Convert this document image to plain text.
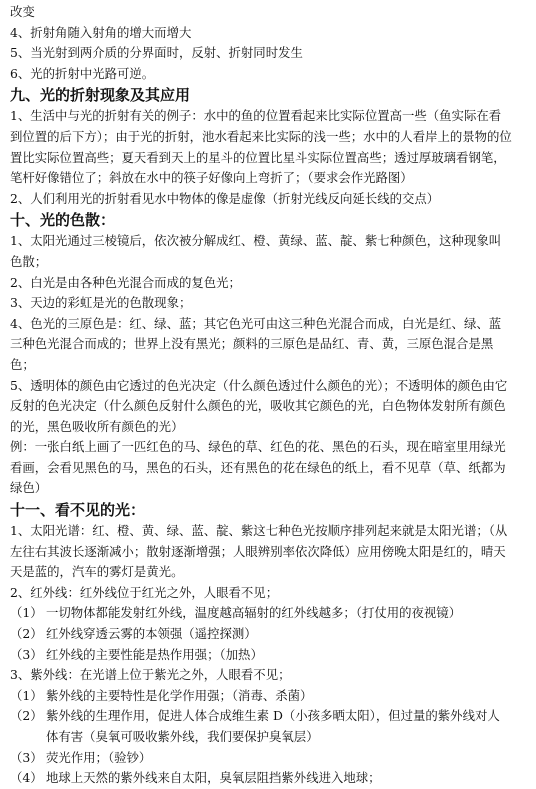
改变
4、折射角随入射角的增大而增大
5、当光射到两介质的分界面时，反射、折射同时发生
6、光的折射中光路可逆。
九、光的折射现象及其应用
1、生活中与光的折射有关的例子：水中的鱼的位置看起来比实际位置高一些（鱼实际在看到位置的后下方）；由于光的折射，池水看起来比实际的浅一些；水中的人看岸上的景物的位置比实际位置高些；夏天看到天上的星斗的位置比星斗实际位置高些；透过厚玻璃看钢笔，笔杆好像错位了；斜放在水中的筷子好像向上弯折了；（要求会作光路图）
2、人们利用光的折射看见水中物体的像是虚像（折射光线反向延长线的交点）
十、光的色散：
1、太阳光通过三棱镜后，依次被分解成红、橙、黄绿、蓝、靛、紫七种颜色，这种现象叫色散；
2、白光是由各种色光混合而成的复色光；
3、天边的彩虹是光的色散现象；
4、色光的三原色是：红、绿、蓝；其它色光可由这三种色光混合而成，白光是红、绿、蓝三种色光混合而成的；世界上没有黑光；颜料的三原色是品红、青、黄，三原色混合是黑色；
5、透明体的颜色由它透过的色光决定（什么颜色透过什么颜色的光）；不透明体的颜色由它反射的色光决定（什么颜色反射什么颜色的光，吸收其它颜色的光，白色物体发射所有颜色的光，黑色吸收所有颜色的光）
例：一张白纸上画了一匹红色的马、绿色的草、红色的花、黑色的石头，现在暗室里用绿光看画，会看见黑色的马，黑色的石头，还有黑色的花在绿色的纸上，看不见草（草、纸都为绿色）
十一、看不见的光：
1、太阳光谱：红、橙、黄、绿、蓝、靛、紫这七种色光按顺序排列起来就是太阳光谱；（从左往右其波长逐渐减小；散射逐渐增强；人眼辨别率依次降低）应用傍晚太阳是红的，晴天天是蓝的，汽车的雾灯是黄光。
2、红外线：红外线位于红光之外，人眼看不见；
（1） 一切物体都能发射红外线，温度越高辐射的红外线越多；（打仗用的夜视镜）
（2） 红外线穿透云雾的本领强（遥控探测）
（3） 红外线的主要性能是热作用强；（加热）
3、紫外线：在光谱上位于紫光之外，人眼看不见；
（1） 紫外线的主要特性是化学作用强；（消毒、杀菌）
（2） 紫外线的生理作用，促进人体合成维生素 D（小孩多晒太阳），但过量的紫外线对人体有害（臭氧可吸收紫外线，我们要保护臭氧层）
（3） 荧光作用；（验钞）
（4） 地球上天然的紫外线来自太阳，臭氧层阻挡紫外线进入地球；
